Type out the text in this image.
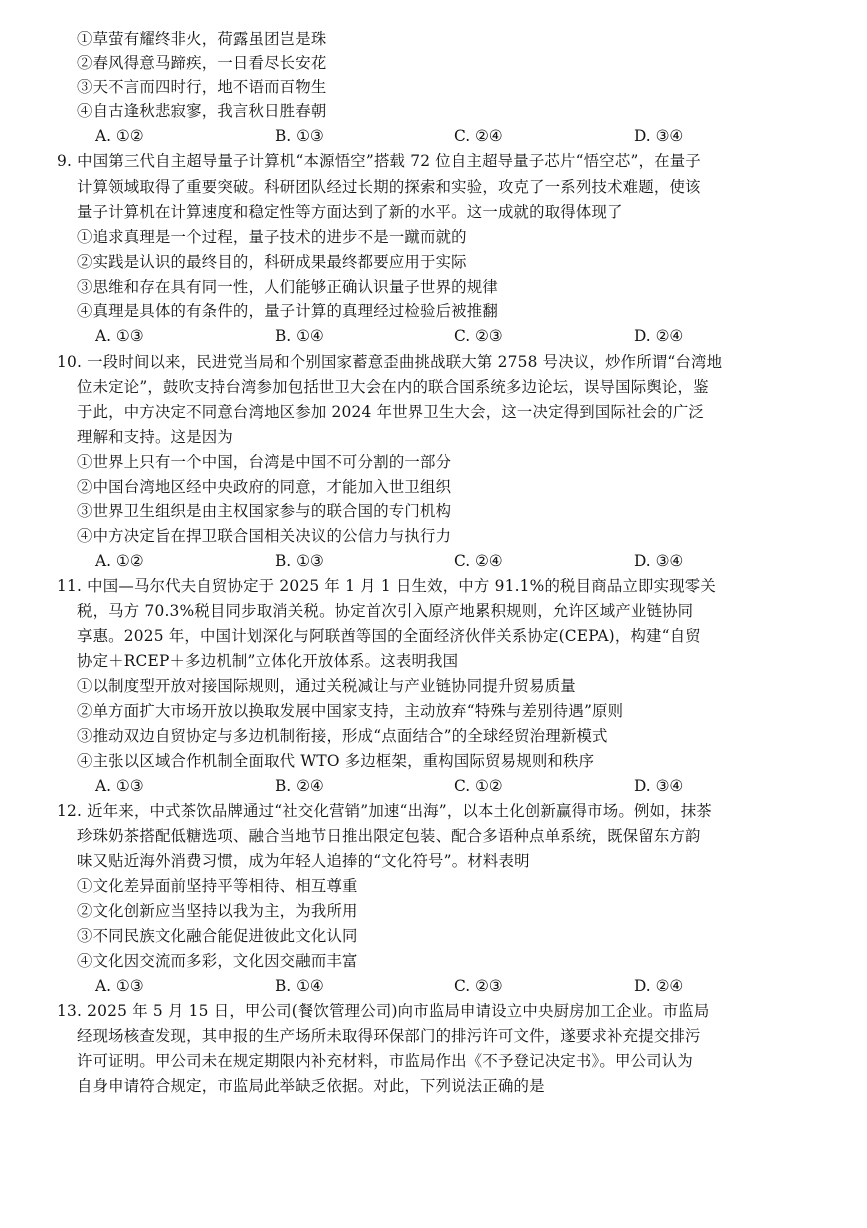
①草萤有耀终非火，荷露虽团岂是珠
②春风得意马蹄疾，一日看尽长安花
③天不言而四时行，地不语而百物生
④自古逢秋悲寂寥，我言秋日胜春朝
A. ①②	B. ①③	C. ②④	D. ③④
9. 中国第三代自主超导量子计算机“本源悟空”搭载 72 位自主超导量子芯片“悟空芯”，在量子
计算领域取得了重要突破。科研团队经过长期的探索和实验，攻克了一系列技术难题，使该
量子计算机在计算速度和稳定性等方面达到了新的水平。这一成就的取得体现了
①追求真理是一个过程，量子技术的进步不是一蹴而就的
②实践是认识的最终目的，科研成果最终都要应用于实际
③思维和存在具有同一性，人们能够正确认识量子世界的规律
④真理是具体的有条件的，量子计算的真理经过检验后被推翻
A. ①③	B. ①④	C. ②③	D. ②④
10. 一段时间以来，民进党当局和个别国家蓄意歪曲挑战联大第 2758 号决议，炒作所谓“台湾地
位未定论”，鼓吹支持台湾参加包括世卫大会在内的联合国系统多边论坛，误导国际舆论，鉴
于此，中方决定不同意台湾地区参加 2024 年世界卫生大会，这一决定得到国际社会的广泛
理解和支持。这是因为
①世界上只有一个中国，台湾是中国不可分割的一部分
②中国台湾地区经中央政府的同意，才能加入世卫组织
③世界卫生组织是由主权国家参与的联合国的专门机构
④中方决定旨在捍卫联合国相关决议的公信力与执行力
A. ①②	B. ①③	C. ②④	D. ③④
11. 中国—马尔代夫自贸协定于 2025 年 1 月 1 日生效，中方 91.1%的税目商品立即实现零关
税，马方 70.3%税目同步取消关税。协定首次引入原产地累积规则，允许区域产业链协同
享惠。2025 年，中国计划深化与阿联酋等国的全面经济伙伴关系协定(CEPA)，构建“自贸
协定＋RCEP＋多边机制”立体化开放体系。这表明我国
①以制度型开放对接国际规则，通过关税减让与产业链协同提升贸易质量
②单方面扩大市场开放以换取发展中国家支持，主动放弃“特殊与差别待遇”原则
③推动双边自贸协定与多边机制衔接，形成“点面结合”的全球经贸治理新模式
④主张以区域合作机制全面取代 WTO 多边框架，重构国际贸易规则和秩序
A. ①③	B. ②④	C. ①②	D. ③④
12. 近年来，中式茶饮品牌通过“社交化营销”加速“出海”，以本土化创新赢得市场。例如，抹茶
珍珠奶茶搭配低糖选项、融合当地节日推出限定包装、配合多语种点单系统，既保留东方韵
味又贴近海外消费习惯，成为年轻人追捧的“文化符号”。材料表明
①文化差异面前坚持平等相待、相互尊重
②文化创新应当坚持以我为主，为我所用
③不同民族文化融合能促进彼此文化认同
④文化因交流而多彩，文化因交融而丰富
A. ①③	B. ①④	C. ②③	D. ②④
13. 2025 年 5 月 15 日，甲公司(餐饮管理公司)向市监局申请设立中央厨房加工企业。市监局
经现场核查发现，其申报的生产场所未取得环保部门的排污许可文件，遂要求补充提交排污
许可证明。甲公司未在规定期限内补充材料，市监局作出《不予登记决定书》。甲公司认为
自身申请符合规定，市监局此举缺乏依据。对此，下列说法正确的是
